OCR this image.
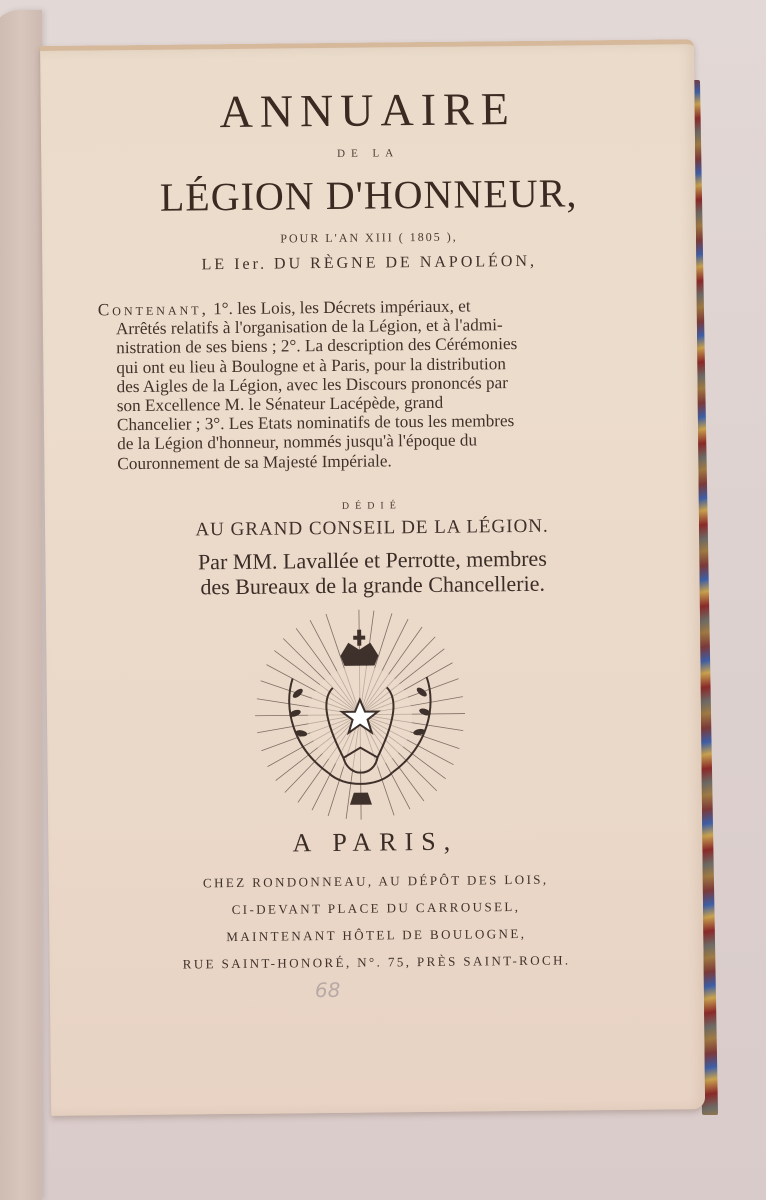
ANNUAIRE
DE LA
LÉGION D'HONNEUR,
POUR L'AN XIII ( 1805 ),
LE Ier. DU RÈGNE DE NAPOLÉON,
Contenant, 1°. les Lois, les Décrets impériaux, et
Arrêtés relatifs à l'organisation de la Légion, et à l'admi-
nistration de ses biens ; 2°. La description des Cérémonies
qui ont eu lieu à Boulogne et à Paris, pour la distribution
des Aigles de la Légion, avec les Discours prononcés par
son Excellence M. le Sénateur Lacépède, grand
Chancelier ; 3°. Les Etats nominatifs de tous les membres
de la Légion d'honneur, nommés jusqu'à l'époque du
Couronnement de sa Majesté Impériale.
DÉDIÉ
AU GRAND CONSEIL DE LA LÉGION.
Par MM. Lavallée et Perrotte, membres
des Bureaux de la grande Chancellerie.
A PARIS,
CHEZ RONDONNEAU, AU DÉPÔT DES LOIS,
CI-DEVANT PLACE DU CARROUSEL,
MAINTENANT HÔTEL DE BOULOGNE,
RUE SAINT-HONORÉ, N°. 75, PRÈS SAINT-ROCH.
68
